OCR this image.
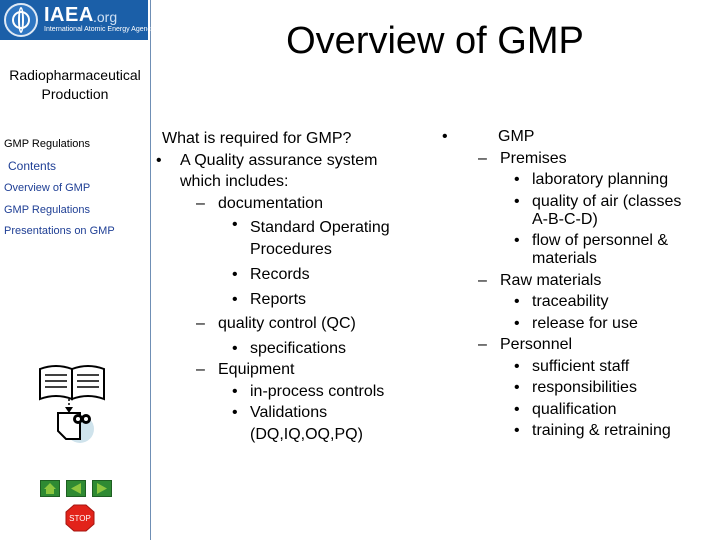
IAEA .org
International Atomic Energy Agency
Radiopharmaceutical
Production
GMP Regulations
Contents
Overview of GMP
GMP Regulations
Presentations on GMP
STOP
Overview of GMP
What is required for GMP?
• A Quality assurance system
which includes:
– documentation
• Standard Operating
Procedures
• Records
• Reports
– quality control (QC)
• specifications
– Equipment
• in-process controls
• Validations
(DQ,IQ,OQ,PQ)
•	GMP
– Premises
• laboratory planning
• quality of air (classes
A-B-C-D)
• flow of personnel &
materials
– Raw materials
• traceability
• release for use
– Personnel
• sufficient staff
• responsibilities
• qualification
• training & retraining
